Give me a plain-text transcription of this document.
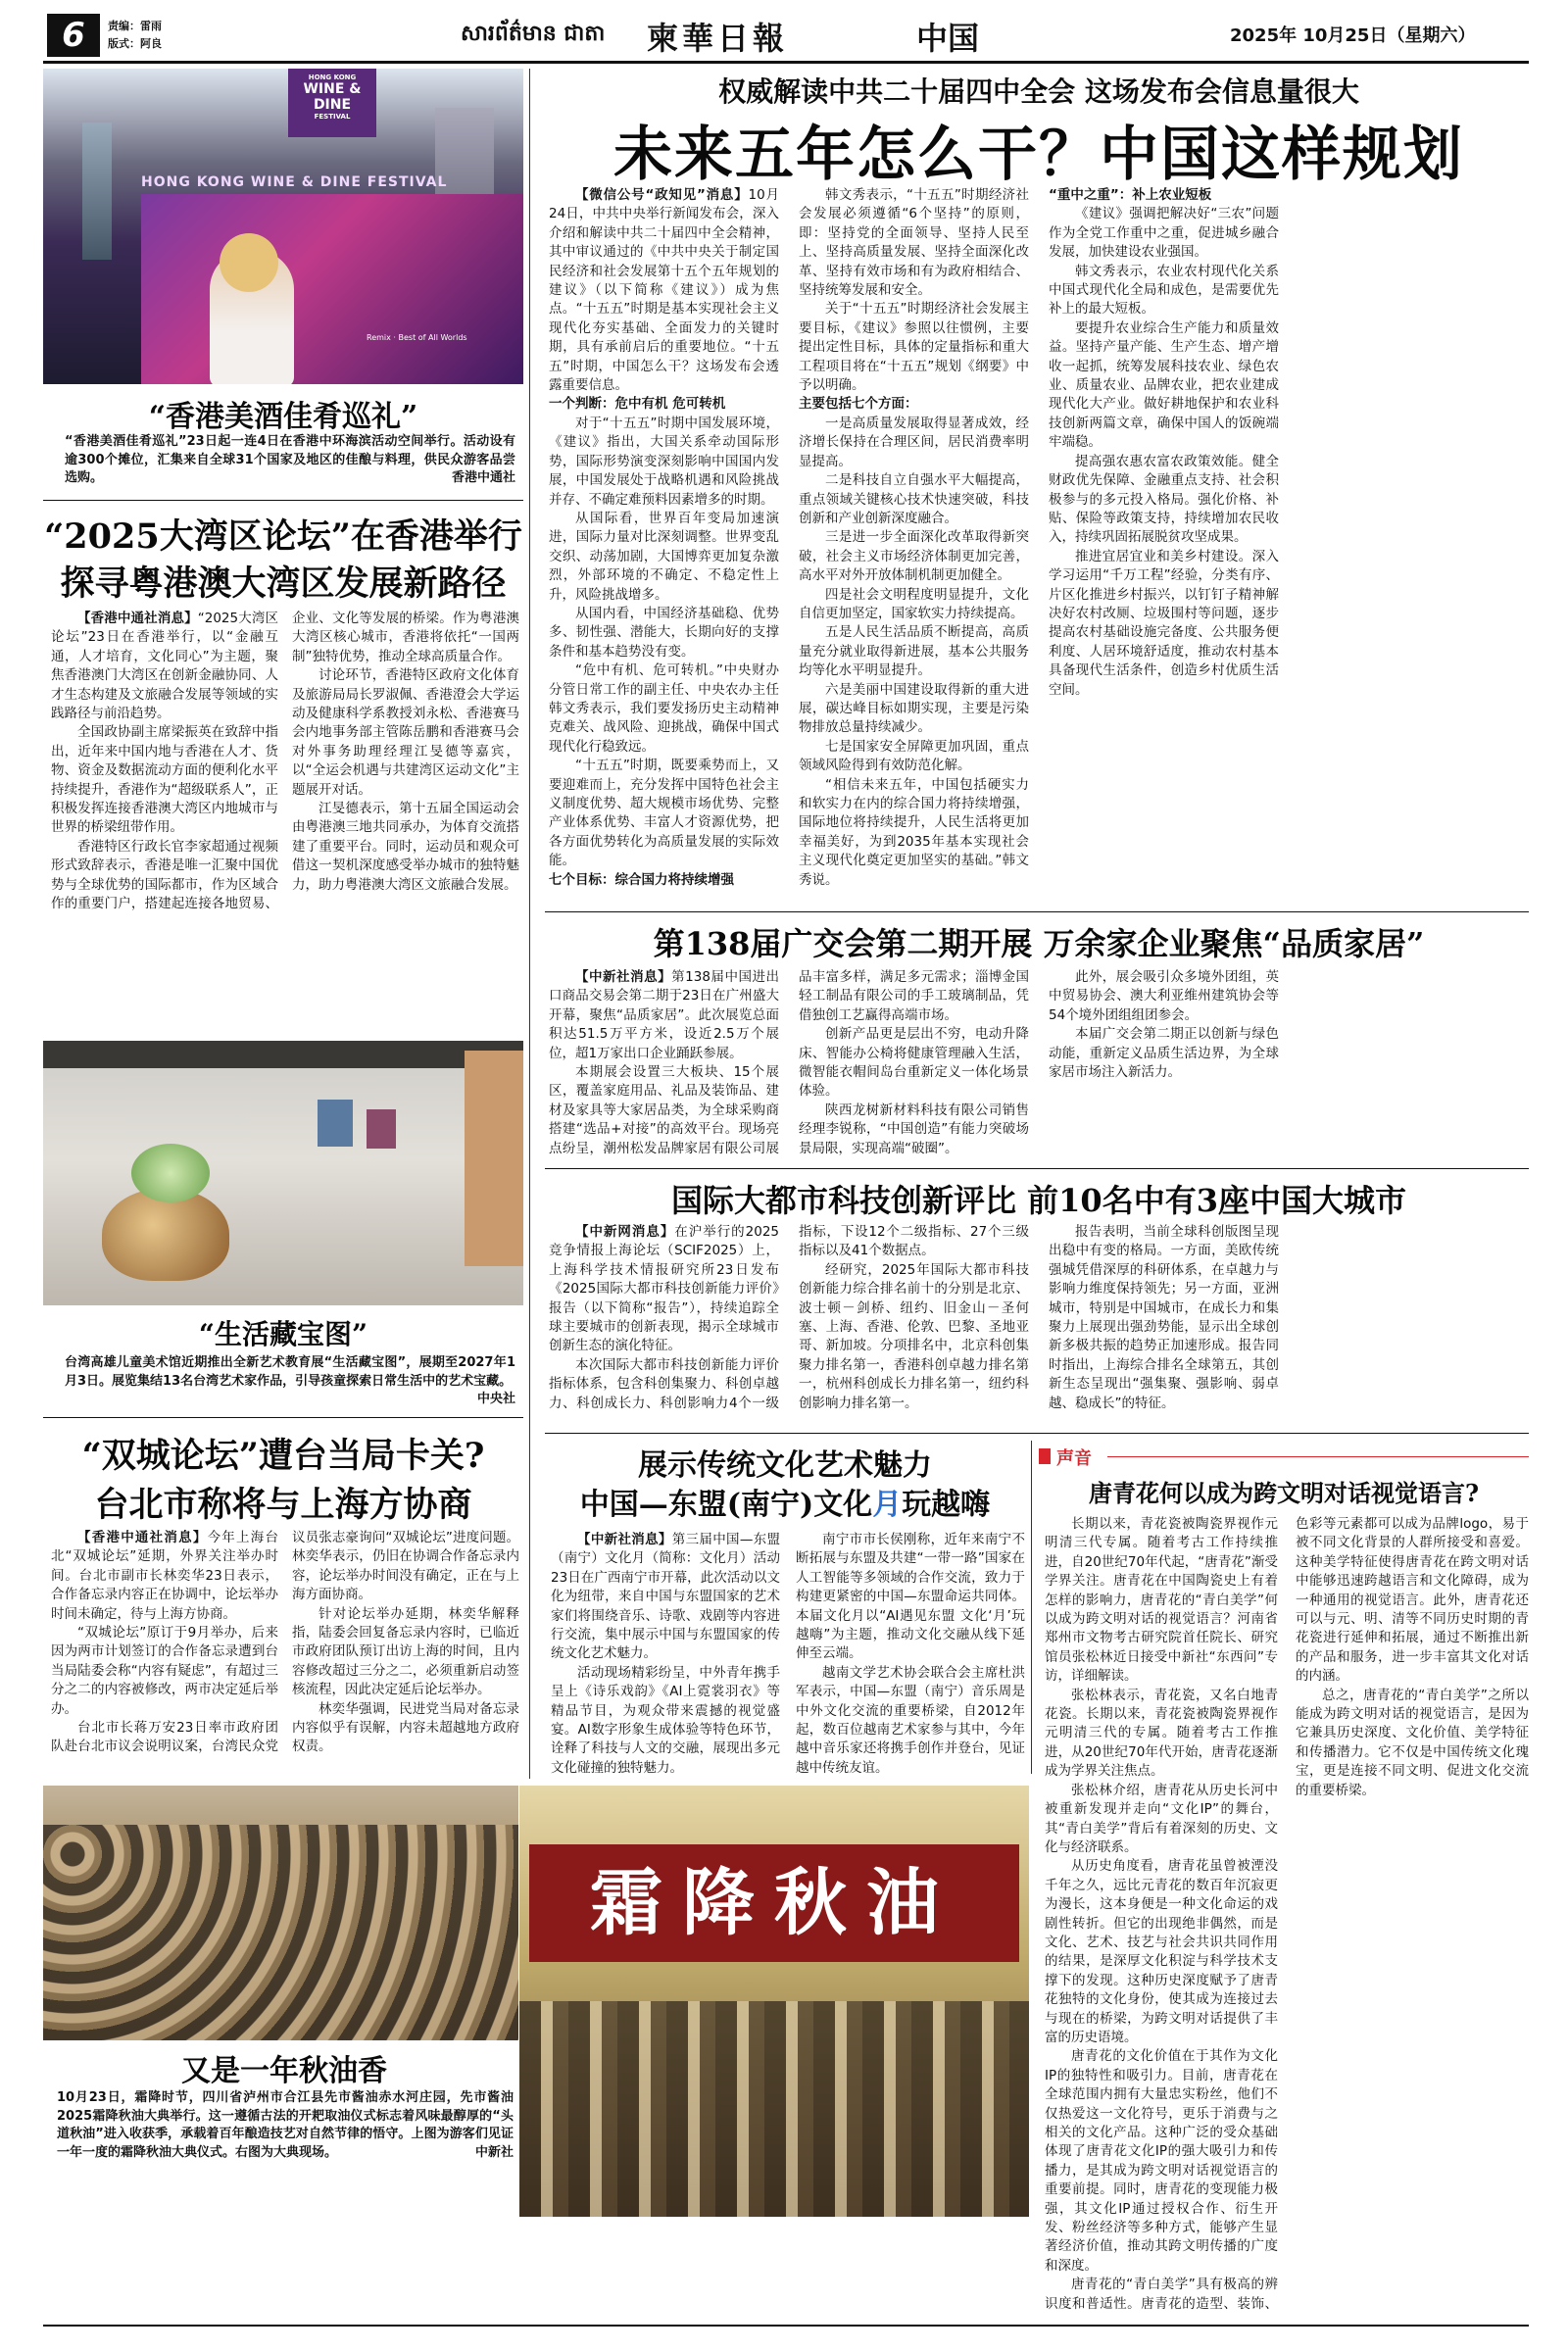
6	责编：雷雨
版式：阿良	សារព័ត៌មាន ជាតា 柬華日報	中国	2025年 10月25日（星期六）
HONG KONG
WINE & DINE
FESTIVAL
HONG KONG WINE & DINE FESTIVAL
Remix · Best of All Worlds
“香港美酒佳肴巡礼”
“香港美酒佳肴巡礼”23日起一连4日在香港中环海滨活动空间举行。活动设有逾300个摊位，汇集来自全球31个国家及地区的佳酿与料理，供民众游客品尝选购。	香港中通社
“2025大湾区论坛”在香港举行
探寻粤港澳大湾区发展新路径

【香港中通社消息】“2025大湾区论坛”23日在香港举行，以“金融互通，人才培育，文化同心”为主题，聚焦香港澳门大湾区在创新金融协同、人才生态构建及文旅融合发展等领域的实践路径与前沿趋势。

全国政协副主席梁振英在致辞中指出，近年来中国内地与香港在人才、货物、资金及数据流动方面的便利化水平持续提升，香港作为“超级联系人”，正积极发挥连接香港澳大湾区内地城市与世界的桥梁纽带作用。

香港特区行政长官李家超通过视频形式致辞表示，香港是唯一汇聚中国优势与全球优势的国际都市，作为区域合作的重要门户，搭建起连接各地贸易、企业、文化等发展的桥梁。作为粤港澳大湾区核心城市，香港将依托“一国两制”独特优势，推动全球高质量合作。

讨论环节，香港特区政府文化体育及旅游局局长罗淑佩、香港澄会大学运动及健康科学系教授刘永松、香港赛马会内地事务部主管陈岳鹏和香港赛马会对外事务助理经理江旻德等嘉宾，以“全运会机遇与共建湾区运动文化”主题展开对话。

江旻德表示，第十五届全国运动会由粤港澳三地共同承办，为体育交流搭建了重要平台。同时，运动员和观众可借这一契机深度感受举办城市的独特魅力，助力粤港澳大湾区文旅融合发展。

“生活藏宝图”
台湾高雄儿童美术馆近期推出全新艺术教育展“生活藏宝图”，展期至2027年1月3日。展览集结13名台湾艺术家作品，引导孩童探索日常生活中的艺术宝藏。
中央社
“双城论坛”遭台当局卡关?
台北市称将与上海方协商

【香港中通社消息】今年上海台北“双城论坛”延期，外界关注举办时间。台北市副市长林奕华23日表示，合作备忘录内容正在协调中，论坛举办时间未确定，待与上海方协商。

“双城论坛”原订于9月举办，后来因为两市计划签订的合作备忘录遭到台当局陆委会称“内容有疑虑”，有超过三分之二的内容被修改，两市决定延后举办。

台北市长蒋万安23日率市政府团队赴台北市议会说明议案，台湾民众党议员张志豪询问“双城论坛”进度问题。林奕华表示，仍旧在协调合作备忘录内容，论坛举办时间没有确定，正在与上海方面协商。

针对论坛举办延期，林奕华解释指，陆委会回复备忘录内容时，已临近市政府团队预订出访上海的时间，且内容修改超过三分之二，必须重新启动签核流程，因此决定延后论坛举办。

林奕华强调，民进党当局对备忘录内容似乎有误解，内容未超越地方政府权责。

霜降秋油
又是一年秋油香
10月23日，霜降时节，四川省泸州市合江县先市酱油赤水河庄园，先市酱油2025霜降秋油大典举行。这一遵循古法的开耙取油仪式标志着风味最醇厚的“头道秋油”进入收获季，承载着百年酿造技艺对自然节律的悟守。上图为游客们见证一年一度的霜降秋油大典仪式。右图为大典现场。	中新社
权威解读中共二十届四中全会 这场发布会信息量很大
未来五年怎么干？中国这样规划

【微信公号“政知见”消息】10月24日，中共中央举行新闻发布会，深入介绍和解读中共二十届四中全会精神，其中审议通过的《中共中央关于制定国民经济和社会发展第十五个五年规划的建议》（以下简称《建议》）成为焦点。“十五五”时期是基本实现社会主义现代化夯实基础、全面发力的关键时期，具有承前启后的重要地位。“十五五”时期，中国怎么干？这场发布会透露重要信息。

一个判断：危中有机 危可转机

对于“十五五”时期中国发展环境，《建议》指出，大国关系牵动国际形势，国际形势演变深刻影响中国国内发展，中国发展处于战略机遇和风险挑战并存、不确定难预料因素增多的时期。

从国际看，世界百年变局加速演进，国际力量对比深刻调整。世界变乱交织、动荡加剧，大国博弈更加复杂激烈，外部环境的不确定、不稳定性上升，风险挑战增多。

从国内看，中国经济基础稳、优势多、韧性强、潜能大，长期向好的支撑条件和基本趋势没有变。

“危中有机、危可转机。”中央财办分管日常工作的副主任、中央农办主任韩文秀表示，我们要发扬历史主动精神克难关、战风险、迎挑战，确保中国式现代化行稳致远。

“十五五”时期，既要乘势而上，又要迎难而上，充分发挥中国特色社会主义制度优势、超大规模市场优势、完整产业体系优势、丰富人才资源优势，把各方面优势转化为高质量发展的实际效能。

七个目标：综合国力将持续增强

韩文秀表示，“十五五”时期经济社会发展必须遵循“6个坚持”的原则，即：坚持党的全面领导、坚持人民至上、坚持高质量发展、坚持全面深化改革、坚持有效市场和有为政府相结合、坚持统筹发展和安全。

关于“十五五”时期经济社会发展主要目标，《建议》参照以往惯例，主要提出定性目标，具体的定量指标和重大工程项目将在“十五五”规划《纲要》中予以明确。

主要包括七个方面：

一是高质量发展取得显著成效，经济增长保持在合理区间，居民消费率明显提高。

二是科技自立自强水平大幅提高，重点领域关键核心技术快速突破，科技创新和产业创新深度融合。

三是进一步全面深化改革取得新突破，社会主义市场经济体制更加完善，高水平对外开放体制机制更加健全。

四是社会文明程度明显提升，文化自信更加坚定，国家软实力持续提高。

五是人民生活品质不断提高，高质量充分就业取得新进展，基本公共服务均等化水平明显提升。

六是美丽中国建设取得新的重大进展，碳达峰目标如期实现，主要是污染物排放总量持续减少。

七是国家安全屏障更加巩固，重点领域风险得到有效防范化解。

“相信未来五年，中国包括硬实力和软实力在内的综合国力将持续增强，国际地位将持续提升，人民生活将更加幸福美好，为到2035年基本实现社会主义现代化奠定更加坚实的基础。”韩文秀说。

“重中之重”：补上农业短板

《建议》强调把解决好“三农”问题作为全党工作重中之重，促进城乡融合发展，加快建设农业强国。

韩文秀表示，农业农村现代化关系中国式现代化全局和成色，是需要优先补上的最大短板。

要提升农业综合生产能力和质量效益。坚持产量产能、生产生态、增产增收一起抓，统筹发展科技农业、绿色农业、质量农业、品牌农业，把农业建成现代化大产业。做好耕地保护和农业科技创新两篇文章，确保中国人的饭碗端牢端稳。

提高强农惠农富农政策效能。健全财政优先保障、金融重点支持、社会积极参与的多元投入格局。强化价格、补贴、保险等政策支持，持续增加农民收入，持续巩固拓展脱贫攻坚成果。

推进宜居宜业和美乡村建设。深入学习运用“千万工程”经验，分类有序、片区化推进乡村振兴，以钉钉子精神解决好农村改厕、垃圾围村等问题，逐步提高农村基础设施完备度、公共服务便利度、人居环境舒适度，推动农村基本具备现代生活条件，创造乡村优质生活空间。

第138届广交会第二期开展 万余家企业聚焦“品质家居”

【中新社消息】第138届中国进出口商品交易会第二期于23日在广州盛大开幕，聚焦“品质家居”。此次展览总面积达51.5万平方米，设近2.5万个展位，超1万家出口企业踊跃参展。

本期展会设置三大板块、15个展区，覆盖家庭用品、礼品及装饰品、建材及家具等大家居品类，为全球采购商搭建“选品+对接”的高效平台。现场亮点纷呈，潮州松发品牌家居有限公司展品丰富多样，满足多元需求；淄博金国轻工制品有限公司的手工玻璃制品，凭借独创工艺赢得高端市场。

创新产品更是层出不穷，电动升降床、智能办公椅将健康管理融入生活，微智能衣帽间岛台重新定义一体化场景体验。

陕西龙树新材料科技有限公司销售经理李锐称，“中国创造”有能力突破场景局限，实现高端“破圈”。

此外，展会吸引众多境外团组，英中贸易协会、澳大利亚维州建筑协会等54个境外团组组团参会。

本届广交会第二期正以创新与绿色动能，重新定义品质生活边界，为全球家居市场注入新活力。

国际大都市科技创新评比 前10名中有3座中国大城市

【中新网消息】在沪举行的2025竞争情报上海论坛（SCIF2025）上，上海科学技术情报研究所23日发布《2025国际大都市科技创新能力评价》报告（以下简称“报告”），持续追踪全球主要城市的创新表现，揭示全球城市创新生态的演化特征。

本次国际大都市科技创新能力评价指标体系，包含科创集聚力、科创卓越力、科创成长力、科创影响力4个一级指标，下设12个二级指标、27个三级指标以及41个数据点。

经研究，2025年国际大都市科技创新能力综合排名前十的分别是北京、波士顿－剑桥、纽约、旧金山－圣何塞、上海、香港、伦敦、巴黎、圣地亚哥、新加坡。分项排名中，北京科创集聚力排名第一，香港科创卓越力排名第一，杭州科创成长力排名第一，纽约科创影响力排名第一。

报告表明，当前全球科创版图呈现出稳中有变的格局。一方面，美欧传统强城凭借深厚的科研体系，在卓越力与影响力维度保持领先；另一方面，亚洲城市，特别是中国城市，在成长力和集聚力上展现出强劲势能，显示出全球创新多极共振的趋势正加速形成。报告同时指出，上海综合排名全球第五，其创新生态呈现出“强集聚、强影响、弱卓越、稳成长”的特征。

展示传统文化艺术魅力
中国—东盟(南宁)文化月玩越嗨

【中新社消息】第三届中国—东盟（南宁）文化月（简称：文化月）活动23日在广西南宁市开幕，此次活动以文化为纽带，来自中国与东盟国家的艺术家们将围绕音乐、诗歌、戏剧等内容进行交流，集中展示中国与东盟国家的传统文化艺术魅力。

活动现场精彩纷呈，中外青年携手呈上《诗乐戏韵》《AI上霓裳羽衣》等精品节目，为观众带来震撼的视觉盛宴。AI数字形象生成体验等特色环节，诠释了科技与人文的交融，展现出多元文化碰撞的独特魅力。

南宁市市长侯刚称，近年来南宁不断拓展与东盟及共建“一带一路”国家在人工智能等多领域的合作交流，致力于构建更紧密的中国—东盟命运共同体。本届文化月以“AI遇见东盟 文化‘月’玩越嗨”为主题，推动文化交融从线下延伸至云端。

越南文学艺术协会联合会主席杜洪军表示，中国—东盟（南宁）音乐周是中外文化交流的重要桥梁，自2012年起，数百位越南艺术家参与其中，今年越中音乐家还将携手创作并登台，见证越中传统友谊。

声音
唐青花何以成为跨文明对话视觉语言?

长期以来，青花瓷被陶瓷界视作元明清三代专属。随着考古工作持续推进，自20世纪70年代起，“唐青花”渐受学界关注。唐青花在中国陶瓷史上有着怎样的影响力，唐青花的“青白美学”何以成为跨文明对话的视觉语言？河南省郑州市文物考古研究院首任院长、研究馆员张松林近日接受中新社“东西问”专访，详细解读。

张松林表示，青花瓷，又名白地青花瓷。长期以来，青花瓷被陶瓷界视作元明清三代的专属。随着考古工作推进，从20世纪70年代开始，唐青花逐渐成为学界关注焦点。

张松林介绍，唐青花从历史长河中被重新发现并走向“文化IP”的舞台，其“青白美学”背后有着深刻的历史、文化与经济联系。

从历史角度看，唐青花虽曾被湮没千年之久，远比元青花的数百年沉寂更为漫长，这本身便是一种文化命运的戏剧性转折。但它的出现绝非偶然，而是文化、艺术、技艺与社会共识共同作用的结果，是深厚文化积淀与科学技术支撑下的发现。这种历史深度赋予了唐青花独特的文化身份，使其成为连接过去与现在的桥梁，为跨文明对话提供了丰富的历史语境。

唐青花的文化价值在于其作为文化IP的独特性和吸引力。目前，唐青花在全球范围内拥有大量忠实粉丝，他们不仅热爱这一文化符号，更乐于消费与之相关的文化产品。这种广泛的受众基础体现了唐青花文化IP的强大吸引力和传播力，是其成为跨文明对话视觉语言的重要前提。同时，唐青花的变现能力极强，其文化IP通过授权合作、衍生开发、粉丝经济等多种方式，能够产生显著经济价值，推动其跨文明传播的广度和深度。

唐青花的“青白美学”具有极高的辨识度和普适性。唐青花的造型、装饰、色彩等元素都可以成为品牌logo，易于被不同文化背景的人群所接受和喜爱。这种美学特征使得唐青花在跨文明对话中能够迅速跨越语言和文化障碍，成为一种通用的视觉语言。此外，唐青花还可以与元、明、清等不同历史时期的青花瓷进行延伸和拓展，通过不断推出新的产品和服务，进一步丰富其文化对话的内涵。

总之，唐青花的“青白美学”之所以能成为跨文明对话的视觉语言，是因为它兼具历史深度、文化价值、美学特征和传播潜力。它不仅是中国传统文化瑰宝，更是连接不同文明、促进文化交流的重要桥梁。
